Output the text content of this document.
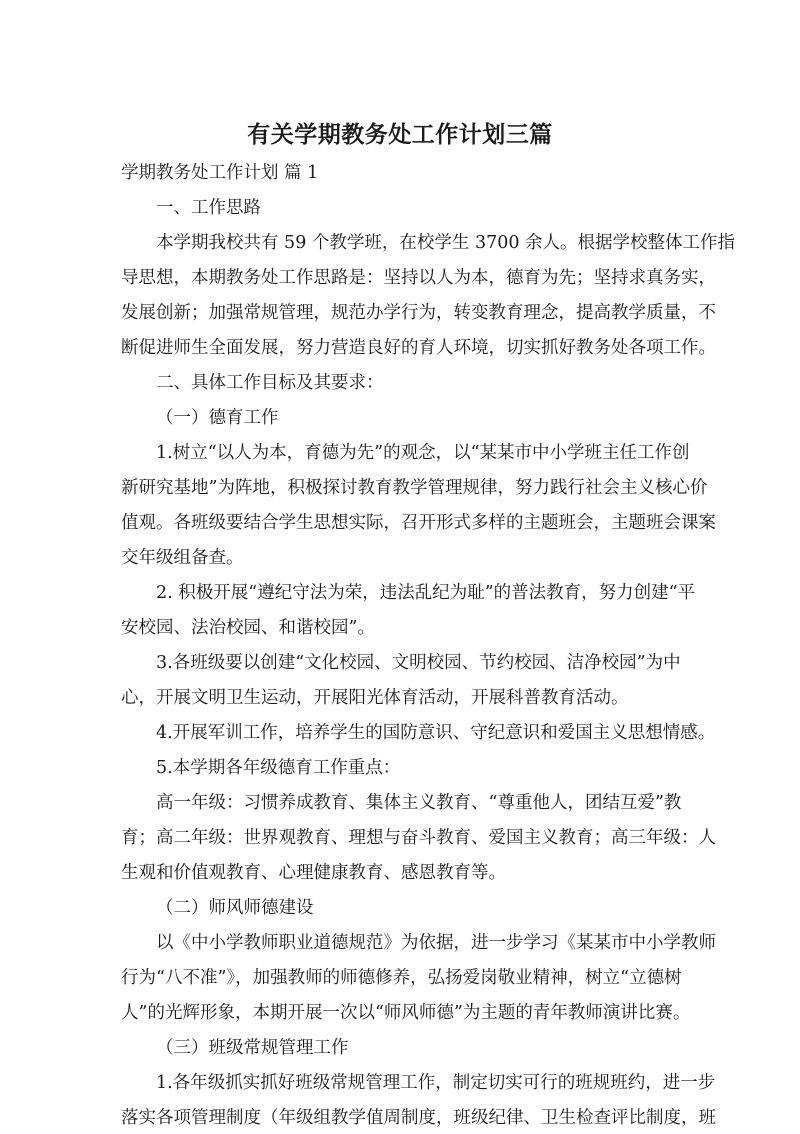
有关学期教务处工作计划三篇
学期教务处工作计划 篇 1
一、工作思路
本学期我校共有 59 个教学班，在校学生 3700 余人。根据学校整体工作指
导思想，本期教务处工作思路是：坚持以人为本，德育为先；坚持求真务实，
发展创新；加强常规管理，规范办学行为，转变教育理念，提高教学质量，不
断促进师生全面发展，努力营造良好的育人环境，切实抓好教务处各项工作。
二、具体工作目标及其要求：
（一）德育工作
1.树立“以人为本，育德为先”的观念，以“某某市中小学班主任工作创
新研究基地”为阵地，积极探讨教育教学管理规律，努力践行社会主义核心价
值观。各班级要结合学生思想实际，召开形式多样的主题班会，主题班会课案
交年级组备查。
2. 积极开展“遵纪守法为荣，违法乱纪为耻”的普法教育，努力创建“平
安校园、法治校园、和谐校园”。
3.各班级要以创建“文化校园、文明校园、节约校园、洁净校园”为中
心，开展文明卫生运动，开展阳光体育活动，开展科普教育活动。
4.开展军训工作，培养学生的国防意识、守纪意识和爱国主义思想情感。
5.本学期各年级德育工作重点：
高一年级：习惯养成教育、集体主义教育、“尊重他人，团结互爱”教
育；高二年级：世界观教育、理想与奋斗教育、爱国主义教育；高三年级：人
生观和价值观教育、心理健康教育、感恩教育等。
（二）师风师德建设
以《中小学教师职业道德规范》为依据，进一步学习《某某市中小学教师
行为“八不准”》，加强教师的师德修养，弘扬爱岗敬业精神，树立“立德树
人”的光辉形象，本期开展一次以“师风师德”为主题的青年教师演讲比赛。
（三）班级常规管理工作
1.各年级抓实抓好班级常规管理工作，制定切实可行的班规班约，进一步
落实各项管理制度（年级组教学值周制度，班级纪律、卫生检查评比制度，班
